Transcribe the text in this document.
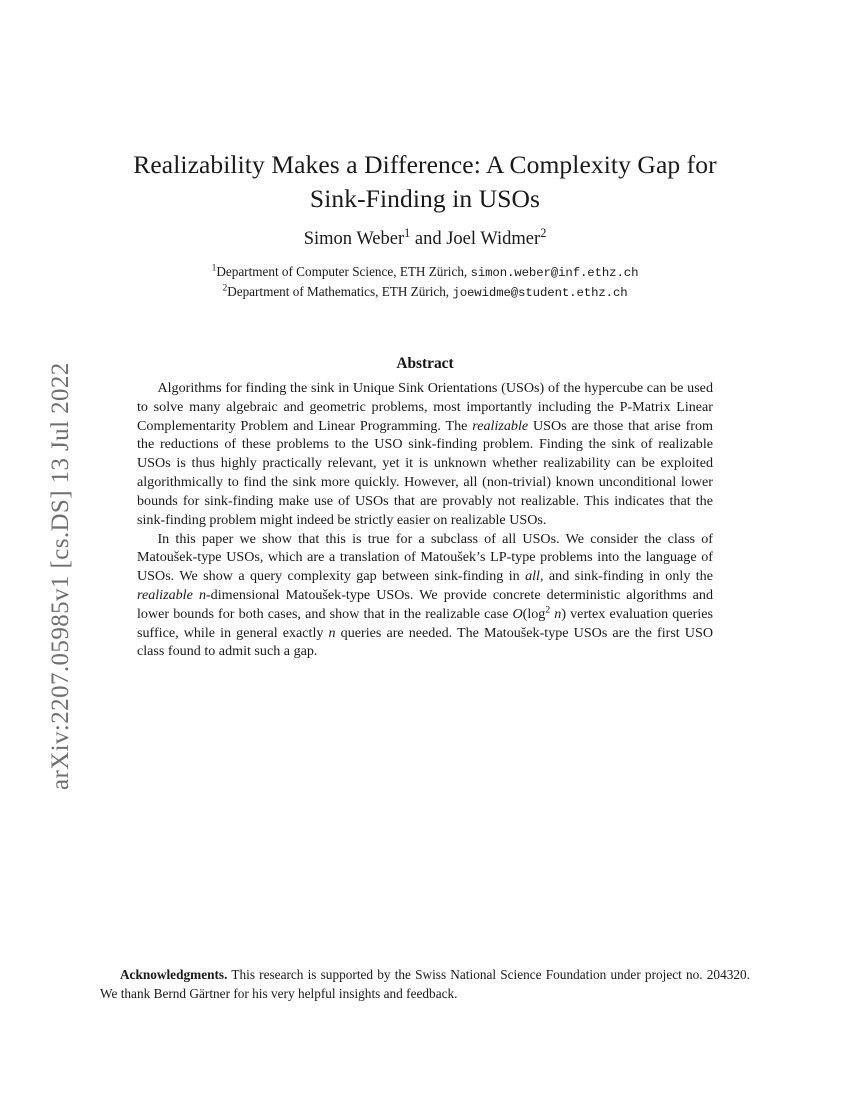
arXiv:2207.05985v1 [cs.DS] 13 Jul 2022
Realizability Makes a Difference: A Complexity Gap for
Sink-Finding in USOs
Simon Weber$^1$ and Joel Widmer$^2$
$^1$Department of Computer Science, ETH Zürich, simon.weber@inf.ethz.ch
$^2$Department of Mathematics, ETH Zürich, joewidme@student.ethz.ch
Abstract

Algorithms for finding the sink in Unique Sink Orientations (USOs) of the hypercube can be used to solve many algebraic and geometric problems, most importantly including the P-Matrix Linear Complementarity Problem and Linear Programming. The realizable USOs are those that arise from the reductions of these problems to the USO sink-finding problem. Finding the sink of realizable USOs is thus highly practically relevant, yet it is unknown whether realizability can be exploited algorithmically to find the sink more quickly. However, all (non-trivial) known unconditional lower bounds for sink-finding make use of USOs that are provably not realizable. This indicates that the sink-finding problem might indeed be strictly easier on realizable USOs.

In this paper we show that this is true for a subclass of all USOs. We consider the class of Matoušek-type USOs, which are a translation of Matoušek’s LP-type problems into the language of USOs. We show a query complexity gap between sink-finding in all, and sink-finding in only the realizable n-dimensional Matoušek-type USOs. We provide concrete deterministic algorithms and lower bounds for both cases, and show that in the realizable case $O(\log^2$ n) vertex evaluation queries suffice, while in general exactly n queries are needed. The Matoušek-type USOs are the first USO class found to admit such a gap.

Acknowledgments. This research is supported by the Swiss National Science Foundation under project no. 204320. We thank Bernd Gärtner for his very helpful insights and feedback.
